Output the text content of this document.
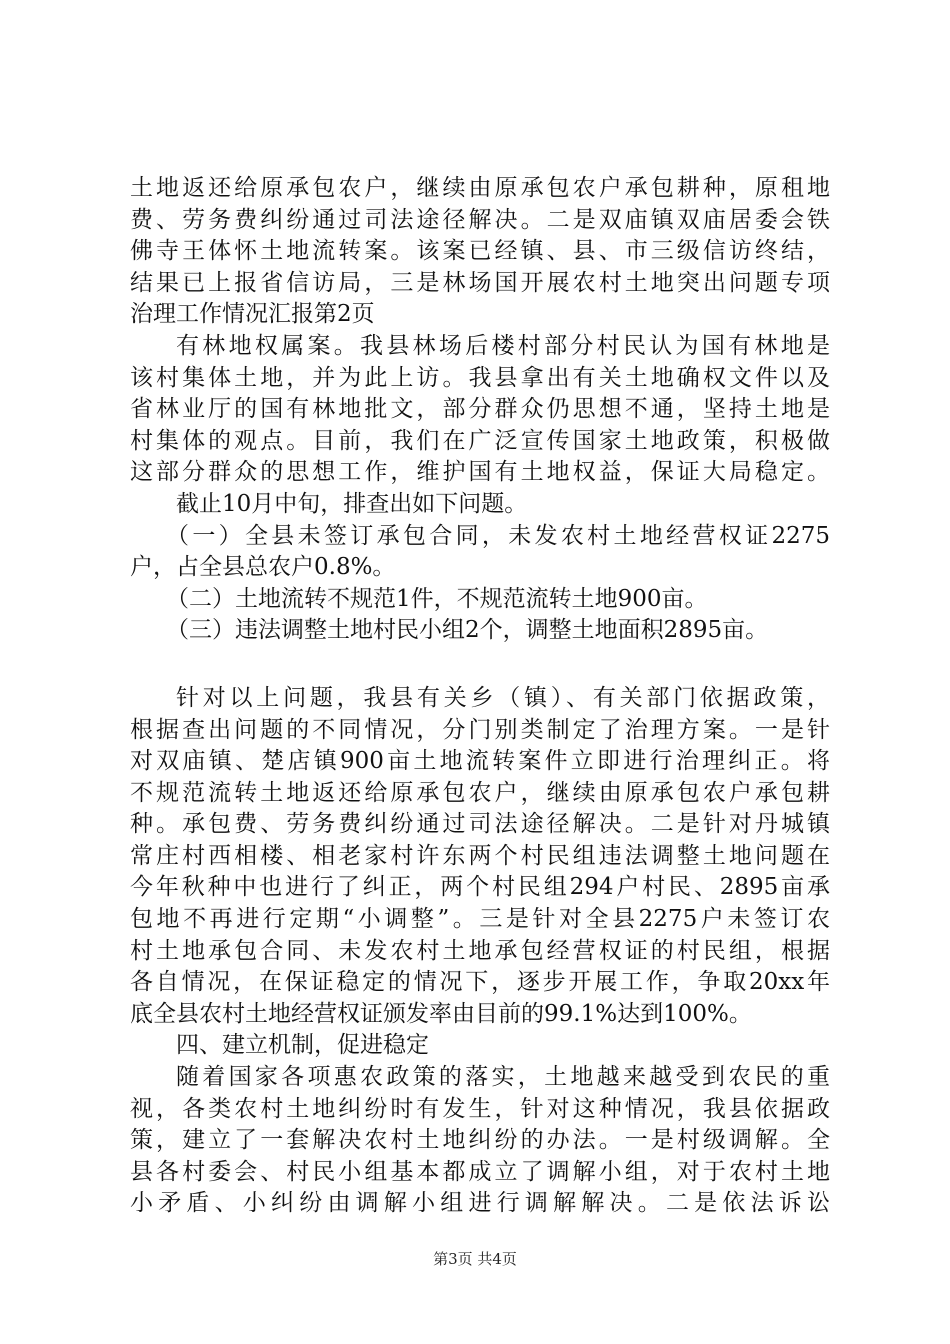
土地返还给原承包农户，继续由原承包农户承包耕种，原租地
费、劳务费纠纷通过司法途径解决。二是双庙镇双庙居委会铁
佛寺王体怀土地流转案。该案已经镇、县、市三级信访终结，
结果已上报省信访局，三是林场国开展农村土地突出问题专项
治理工作情况汇报第2页
有林地权属案。我县林场后楼村部分村民认为国有林地是
该村集体土地，并为此上访。我县拿出有关土地确权文件以及
省林业厅的国有林地批文，部分群众仍思想不通，坚持土地是
村集体的观点。目前，我们在广泛宣传国家土地政策，积极做
这部分群众的思想工作，维护国有土地权益，保证大局稳定。
截止10月中旬，排查出如下问题。
（一）全县未签订承包合同，未发农村土地经营权证2275
户，占全县总农户0.8%。
（二）土地流转不规范1件，不规范流转土地900亩。
（三）违法调整土地村民小组2个，调整土地面积2895亩。
针对以上问题，我县有关乡（镇）、有关部门依据政策，
根据查出问题的不同情况，分门别类制定了治理方案。一是针
对双庙镇、楚店镇900亩土地流转案件立即进行治理纠正。将
不规范流转土地返还给原承包农户，继续由原承包农户承包耕
种。承包费、劳务费纠纷通过司法途径解决。二是针对丹城镇
常庄村西相楼、相老家村许东两个村民组违法调整土地问题在
今年秋种中也进行了纠正，两个村民组294户村民、2895亩承
包地不再进行定期“小调整”。三是针对全县2275户未签订农
村土地承包合同、未发农村土地承包经营权证的村民组，根据
各自情况，在保证稳定的情况下，逐步开展工作，争取20xx年
底全县农村土地经营权证颁发率由目前的99.1%达到100%。
四、建立机制，促进稳定
随着国家各项惠农政策的落实，土地越来越受到农民的重
视，各类农村土地纠纷时有发生，针对这种情况，我县依据政
策，建立了一套解决农村土地纠纷的办法。一是村级调解。全
县各村委会、村民小组基本都成立了调解小组，对于农村土地
小矛盾、小纠纷由调解小组进行调解解决。二是依法诉讼
第3页 共4页
